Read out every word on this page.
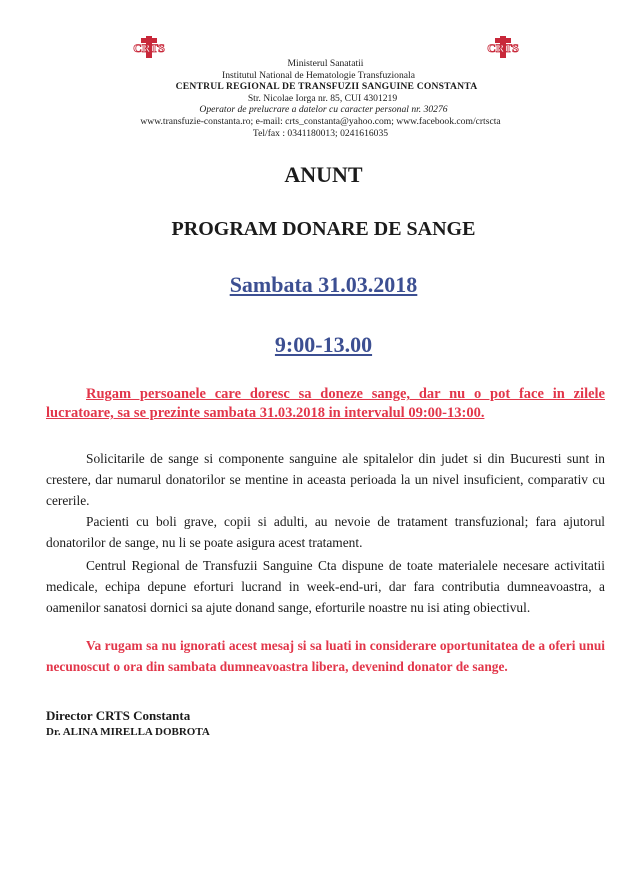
CRTS	CRTS
Ministerul Sanatatii
Institutul National de Hematologie Transfuzionala
CENTRUL REGIONAL DE TRANSFUZII SANGUINE CONSTANTA
Str. Nicolae Iorga nr. 85, CUI 4301219
Operator de prelucrare a datelor cu caracter personal nr. 30276
www.transfuzie-constanta.ro; e-mail: crts_constanta@yahoo.com; www.facebook.com/crtscta
Tel/fax : 0341180013; 0241616035
ANUNT
PROGRAM DONARE DE SANGE
Sambata 31.03.2018
9:00-13.00
Rugam persoanele care doresc sa doneze sange, dar nu o pot face in zilele lucratoare, sa se prezinte sambata 31.03.2018 in intervalul 09:00-13:00.
Solicitarile de sange si componente sanguine ale spitalelor din judet si din Bucuresti sunt in crestere, dar numarul donatorilor se mentine in aceasta perioada la un nivel insuficient, comparativ cu cererile.
Pacienti cu boli grave, copii si adulti, au nevoie de tratament transfuzional; fara ajutorul donatorilor de sange, nu li se poate asigura acest tratament.
Centrul Regional de Transfuzii Sanguine Cta dispune de toate materialele necesare activitatii medicale, echipa depune eforturi lucrand in week-end-uri, dar fara contributia dumneavoastra, a oamenilor sanatosi dornici sa ajute donand sange, eforturile noastre nu isi ating obiectivul.
Va rugam sa nu ignorati acest mesaj si sa luati in considerare oportunitatea de a oferi unui necunoscut o ora din sambata dumneavoastra libera, devenind donator de sange.
Director CRTS Constanta
Dr. ALINA MIRELLA DOBROTA
